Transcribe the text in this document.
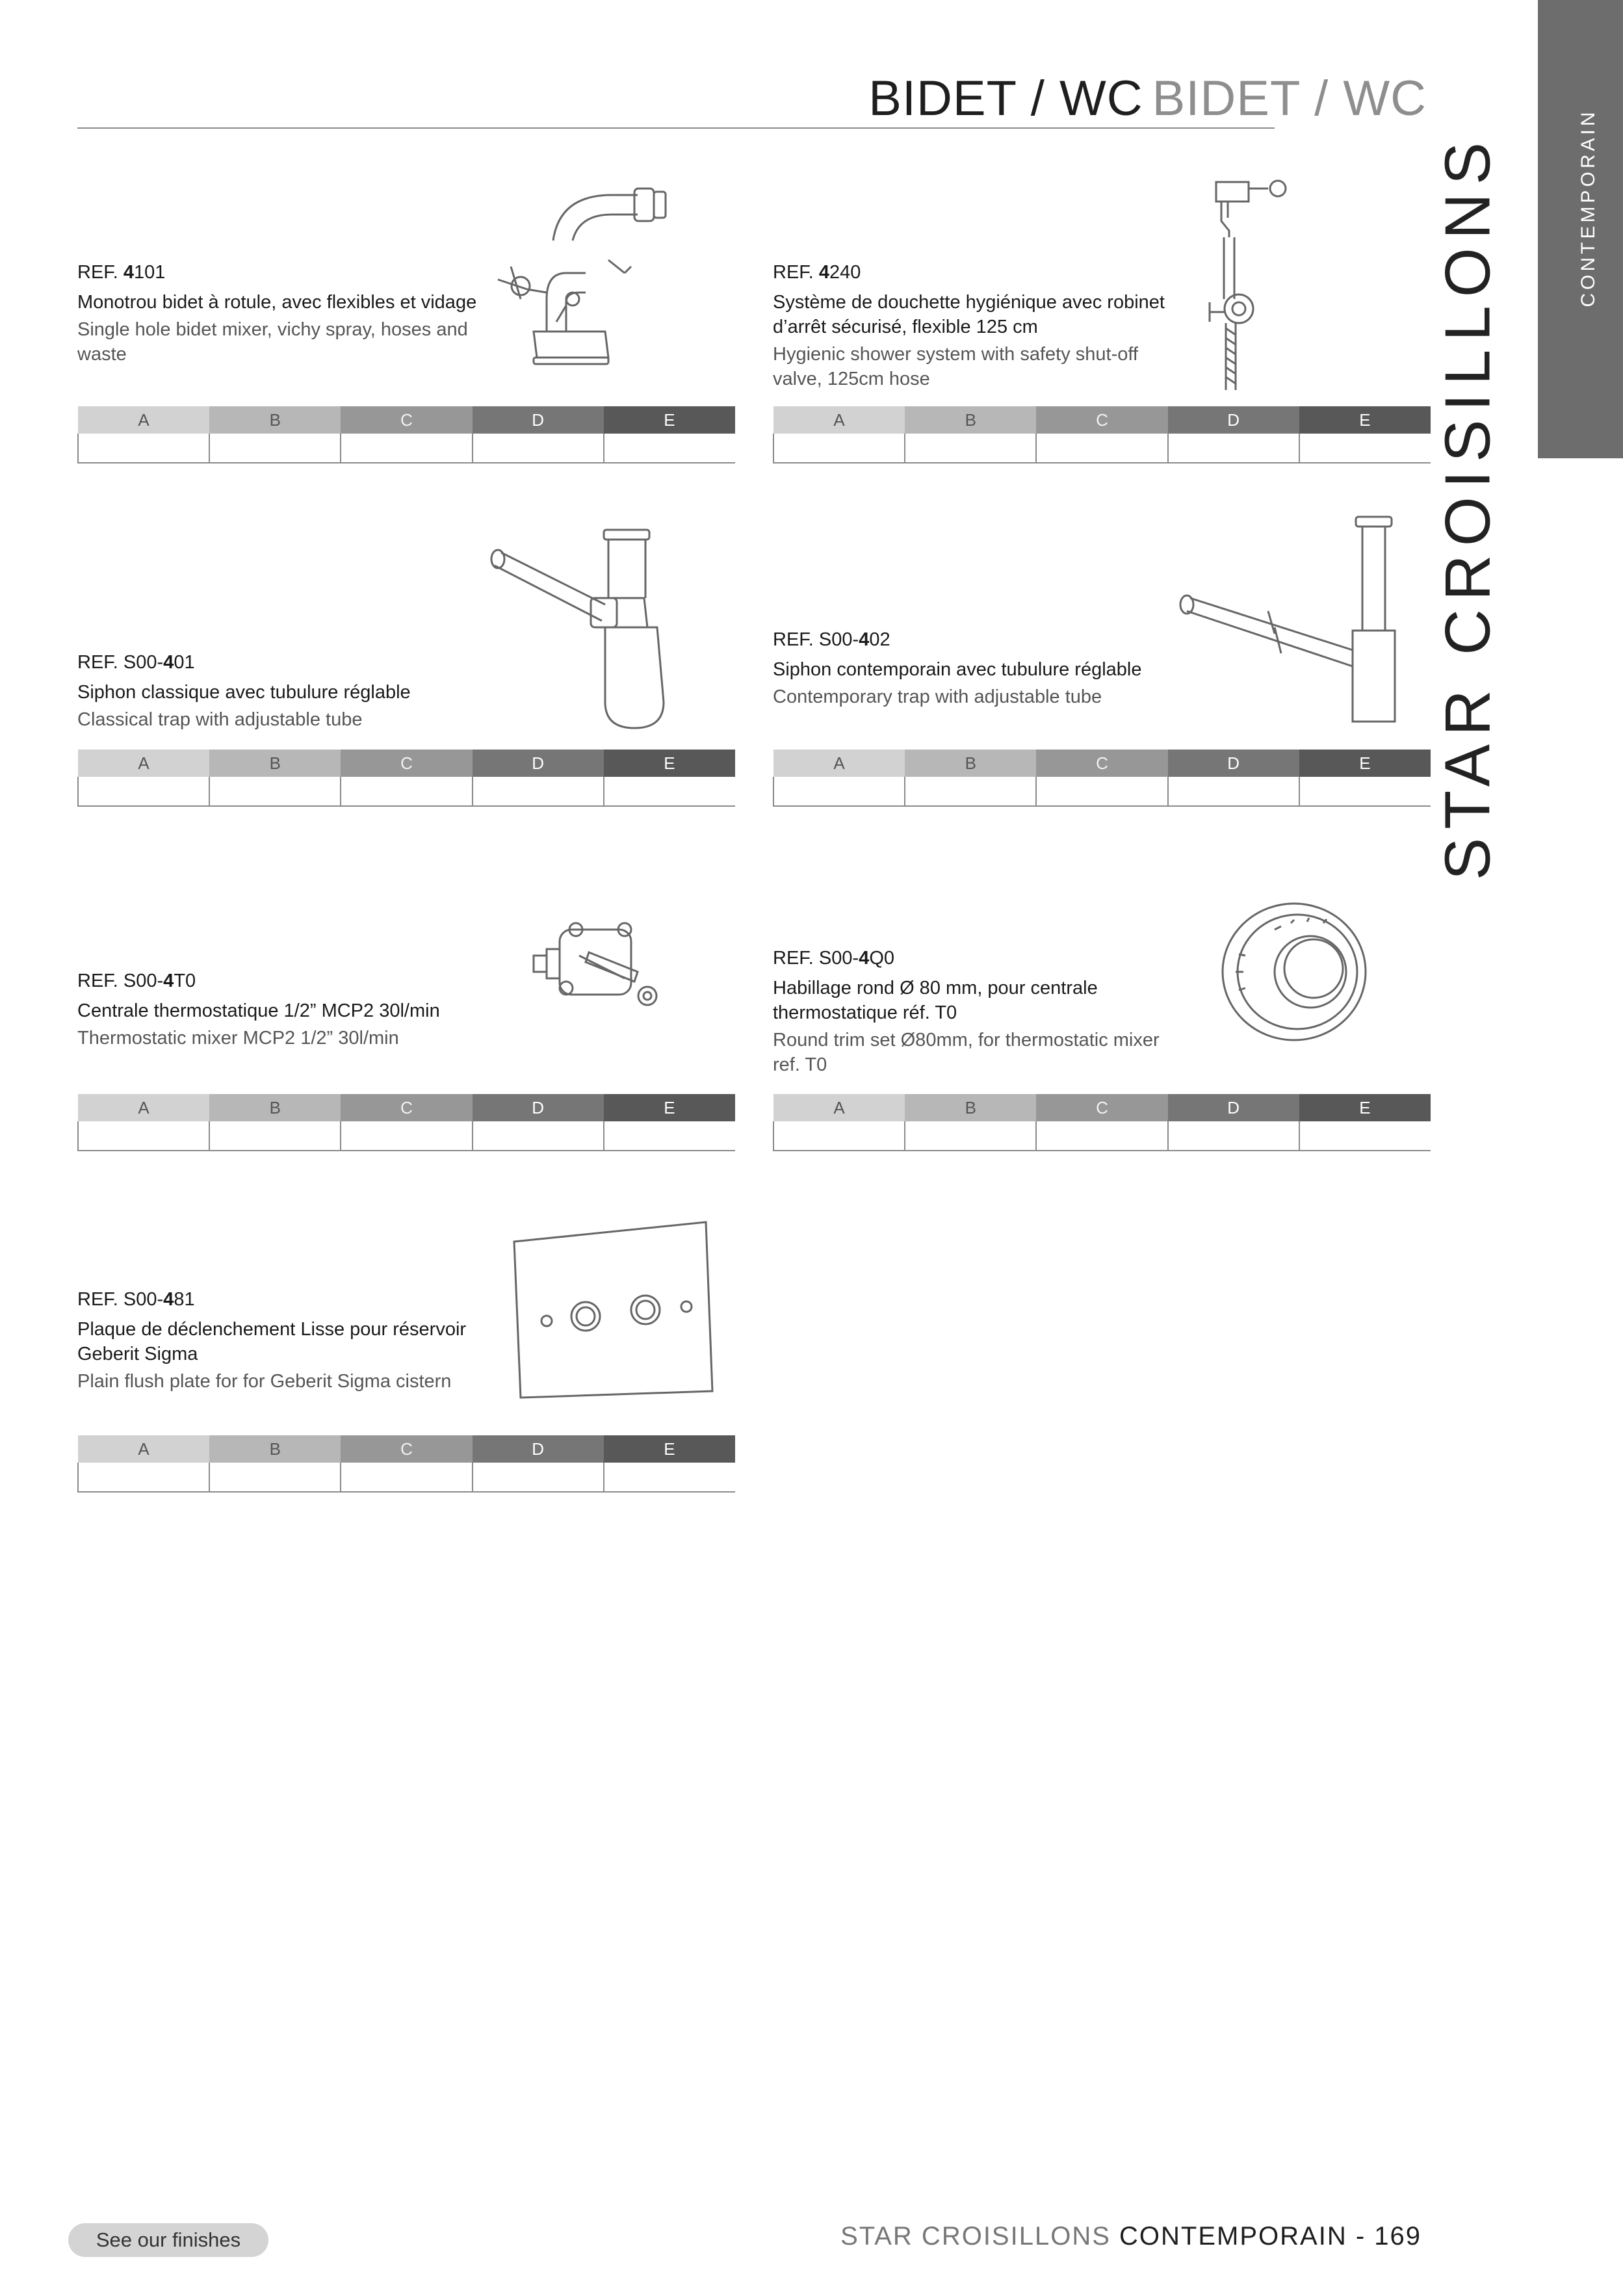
BIDET / WC BIDET / WC
CONTEMPORAIN
STAR CROISILLONS
REF. 4101
Monotrou bidet à rotule, avec flexibles et vidage
Single hole bidet mixer, vichy spray, hoses and waste
A	B	C	D	E

REF. 4240
Système de douchette hygiénique avec robinet d’arrêt sécurisé, flexible 125 cm
Hygienic shower system with safety shut-off valve, 125cm hose
A	B	C	D	E

REF. S00-401
Siphon classique avec tubulure réglable
Classical trap with adjustable tube
A	B	C	D	E

REF. S00-402
Siphon contemporain avec tubulure réglable
Contemporary trap with adjustable tube
A	B	C	D	E

REF. S00-4T0
Centrale thermostatique 1/2” MCP2 30l/min
Thermostatic mixer MCP2 1/2” 30l/min
A	B	C	D	E

REF. S00-4Q0
Habillage rond Ø 80 mm, pour centrale thermostatique réf. T0
Round trim set Ø80mm, for thermostatic mixer ref. T0
A	B	C	D	E

REF. S00-481
Plaque de déclenchement Lisse pour réservoir Geberit Sigma
Plain flush plate for for Geberit Sigma cistern
A	B	C	D	E

See our finishes	STAR CROISILLONS CONTEMPORAIN - 169
